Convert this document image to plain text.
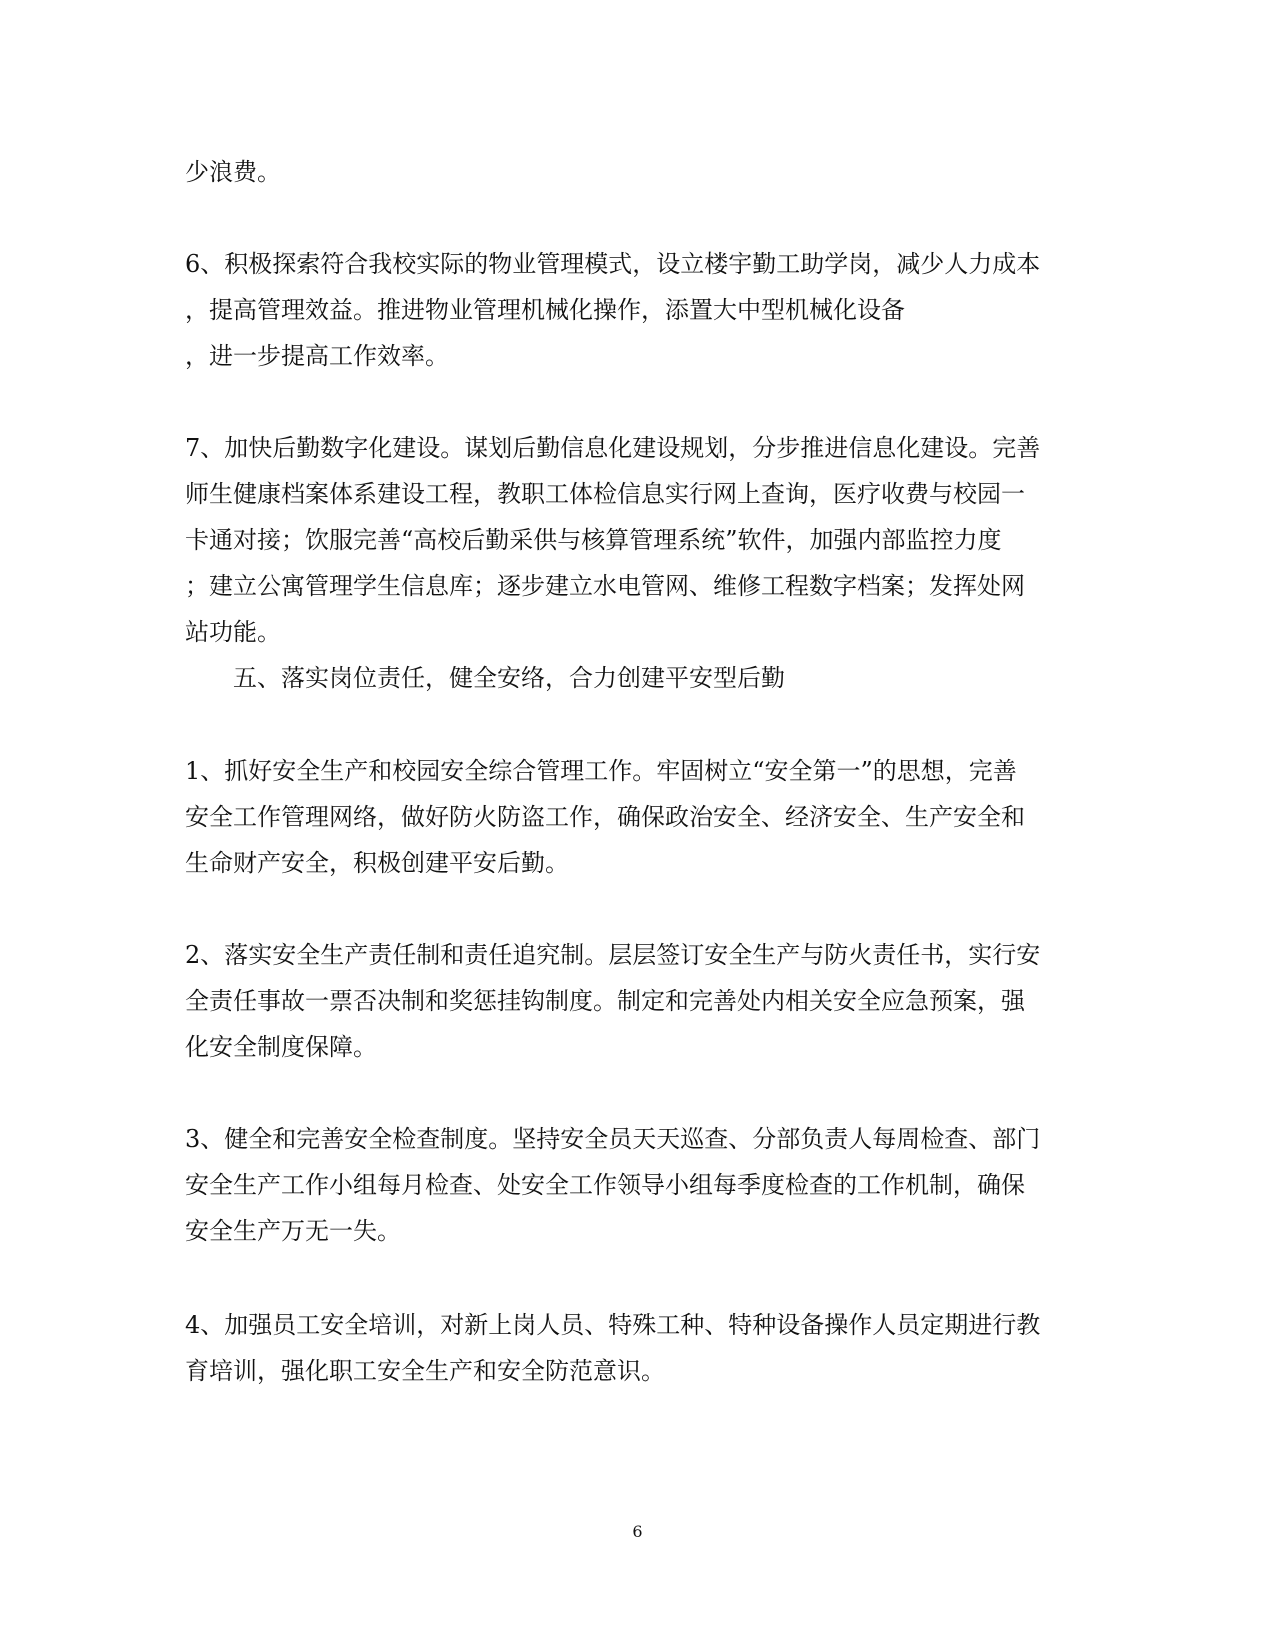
少浪费。
6、积极探索符合我校实际的物业管理模式，设立楼宇勤工助学岗，减少人力成本
，提高管理效益。推进物业管理机械化操作，添置大中型机械化设备
，进一步提高工作效率。
7、加快后勤数字化建设。谋划后勤信息化建设规划，分步推进信息化建设。完善
师生健康档案体系建设工程，教职工体检信息实行网上查询，医疗收费与校园一
卡通对接；饮服完善“高校后勤采供与核算管理系统”软件，加强内部监控力度
；建立公寓管理学生信息库；逐步建立水电管网、维修工程数字档案；发挥处网
站功能。
五、落实岗位责任，健全安络，合力创建平安型后勤
1、抓好安全生产和校园安全综合管理工作。牢固树立“安全第一”的思想，完善
安全工作管理网络，做好防火防盗工作，确保政治安全、经济安全、生产安全和
生命财产安全，积极创建平安后勤。
2、落实安全生产责任制和责任追究制。层层签订安全生产与防火责任书，实行安
全责任事故一票否决制和奖惩挂钩制度。制定和完善处内相关安全应急预案，强
化安全制度保障。
3、健全和完善安全检查制度。坚持安全员天天巡查、分部负责人每周检查、部门
安全生产工作小组每月检查、处安全工作领导小组每季度检查的工作机制，确保
安全生产万无一失。
4、加强员工安全培训，对新上岗人员、特殊工种、特种设备操作人员定期进行教
育培训，强化职工安全生产和安全防范意识。
6
